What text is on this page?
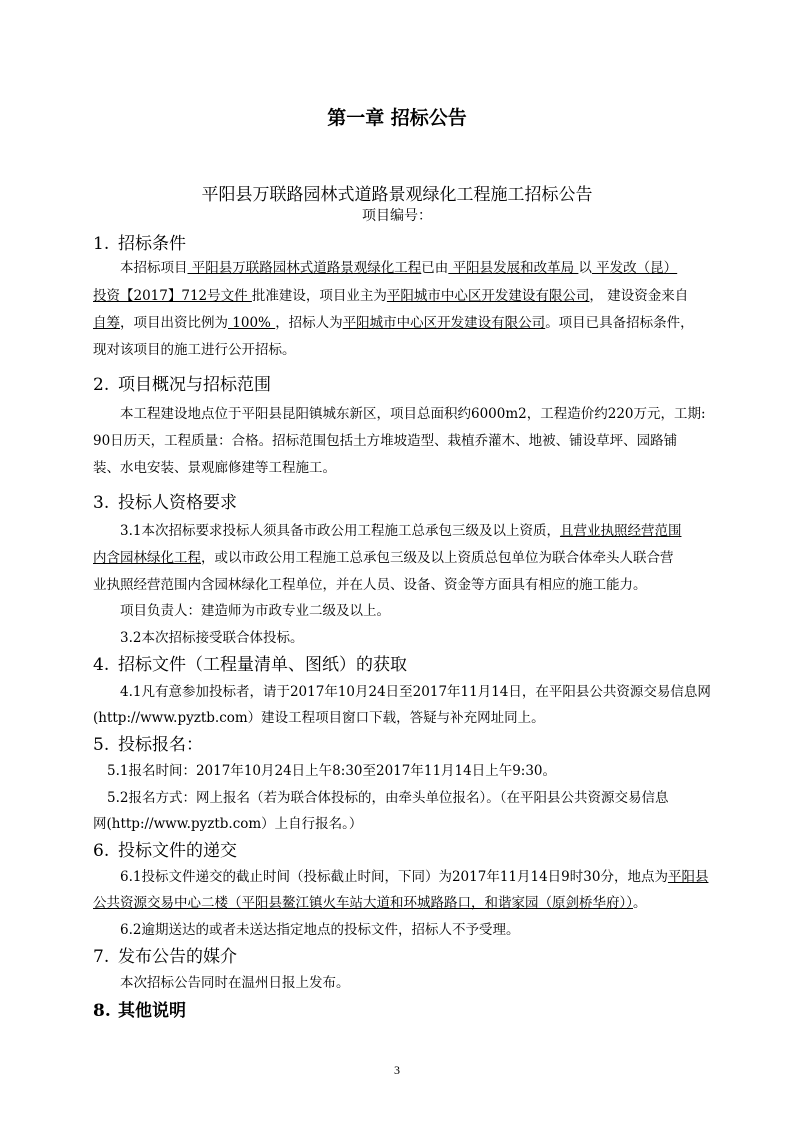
第一章 招标公告
平阳县万联路园林式道路景观绿化工程施工招标公告
项目编号：
1. 招标条件
本招标项目 平阳县万联路园林式道路景观绿化工程已由 平阳县发展和改革局 以 平发改（昆）
投资【2017】712号文件 批准建设，项目业主为平阳城市中心区开发建设有限公司， 建设资金来自
自筹，项目出资比例为 100% ，招标人为平阳城市中心区开发建设有限公司。项目已具备招标条件，
现对该项目的施工进行公开招标。
2. 项目概况与招标范围
本工程建设地点位于平阳县昆阳镇城东新区，项目总面积约6000m2，工程造价约220万元，工期:
90日历天，工程质量：合格。招标范围包括土方堆坡造型、栽植乔灌木、地被、铺设草坪、园路铺
装、水电安装、景观廊修建等工程施工。
3. 投标人资格要求
3.1本次招标要求投标人须具备市政公用工程施工总承包三级及以上资质，且营业执照经营范围
内含园林绿化工程，或以市政公用工程施工总承包三级及以上资质总包单位为联合体牵头人联合营
业执照经营范围内含园林绿化工程单位，并在人员、设备、资金等方面具有相应的施工能力。
项目负责人：建造师为市政专业二级及以上。
3.2本次招标接受联合体投标。
4. 招标文件（工程量清单、图纸）的获取
4.1凡有意参加投标者，请于2017年10月24日至2017年11月14日，在平阳县公共资源交易信息网
(http://www.pyztb.com）建设工程项目窗口下载，答疑与补充网址同上。
5. 投标报名：
5.1报名时间：2017年10月24日上午8:30至2017年11月14日上午9:30。
5.2报名方式：网上报名（若为联合体投标的，由牵头单位报名）。（在平阳县公共资源交易信息
网(http://www.pyztb.com）上自行报名。）
6. 投标文件的递交
6.1投标文件递交的截止时间（投标截止时间，下同）为2017年11月14日9时30分，地点为平阳县
公共资源交易中心二楼（平阳县鳌江镇火车站大道和环城路路口，和谐家园（原剑桥华府））。
6.2逾期送达的或者未送达指定地点的投标文件，招标人不予受理。
7. 发布公告的媒介
本次招标公告同时在温州日报上发布。
8. 其他说明
3
